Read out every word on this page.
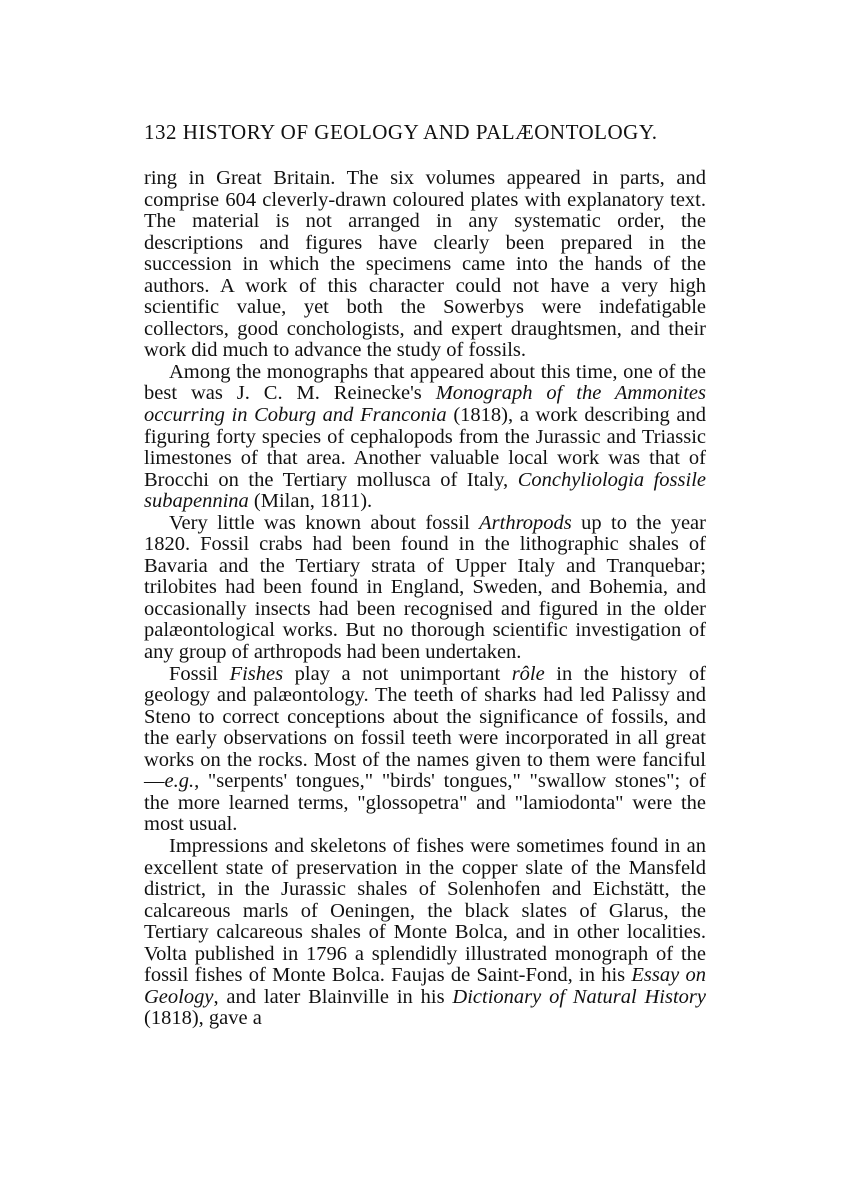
132 HISTORY OF GEOLOGY AND PALÆONTOLOGY.

ring in Great Britain. The six volumes appeared in parts, and comprise 604 cleverly-drawn coloured plates with explanatory text. The material is not arranged in any systematic order, the descriptions and figures have clearly been prepared in the succession in which the specimens came into the hands of the authors. A work of this character could not have a very high scientific value, yet both the Sowerbys were indefatigable collectors, good conchologists, and expert draughtsmen, and their work did much to advance the study of fossils.

Among the monographs that appeared about this time, one of the best was J. C. M. Reinecke's Monograph of the Ammonites occurring in Coburg and Franconia (1818), a work describing and figuring forty species of cephalopods from the Jurassic and Triassic limestones of that area. Another valuable local work was that of Brocchi on the Tertiary mollusca of Italy, Conchyliologia fossile subapennina (Milan, 1811).

Very little was known about fossil Arthropods up to the year 1820. Fossil crabs had been found in the lithographic shales of Bavaria and the Tertiary strata of Upper Italy and Tranquebar; trilobites had been found in England, Sweden, and Bohemia, and occasionally insects had been recognised and figured in the older palæontological works. But no thorough scientific investigation of any group of arthropods had been undertaken.

Fossil Fishes play a not unimportant rôle in the history of geology and palæontology. The teeth of sharks had led Palissy and Steno to correct conceptions about the significance of fossils, and the early observations on fossil teeth were incorporated in all great works on the rocks. Most of the names given to them were fanciful—e.g., "serpents' tongues," "birds' tongues," "swallow stones"; of the more learned terms, "glossopetra" and "lamiodonta" were the most usual.

Impressions and skeletons of fishes were sometimes found in an excellent state of preservation in the copper slate of the Mansfeld district, in the Jurassic shales of Solenhofen and Eichstätt, the calcareous marls of Oeningen, the black slates of Glarus, the Tertiary calcareous shales of Monte Bolca, and in other localities. Volta published in 1796 a splendidly illustrated monograph of the fossil fishes of Monte Bolca. Faujas de Saint-Fond, in his Essay on Geology, and later Blainville in his Dictionary of Natural History (1818), gave a
